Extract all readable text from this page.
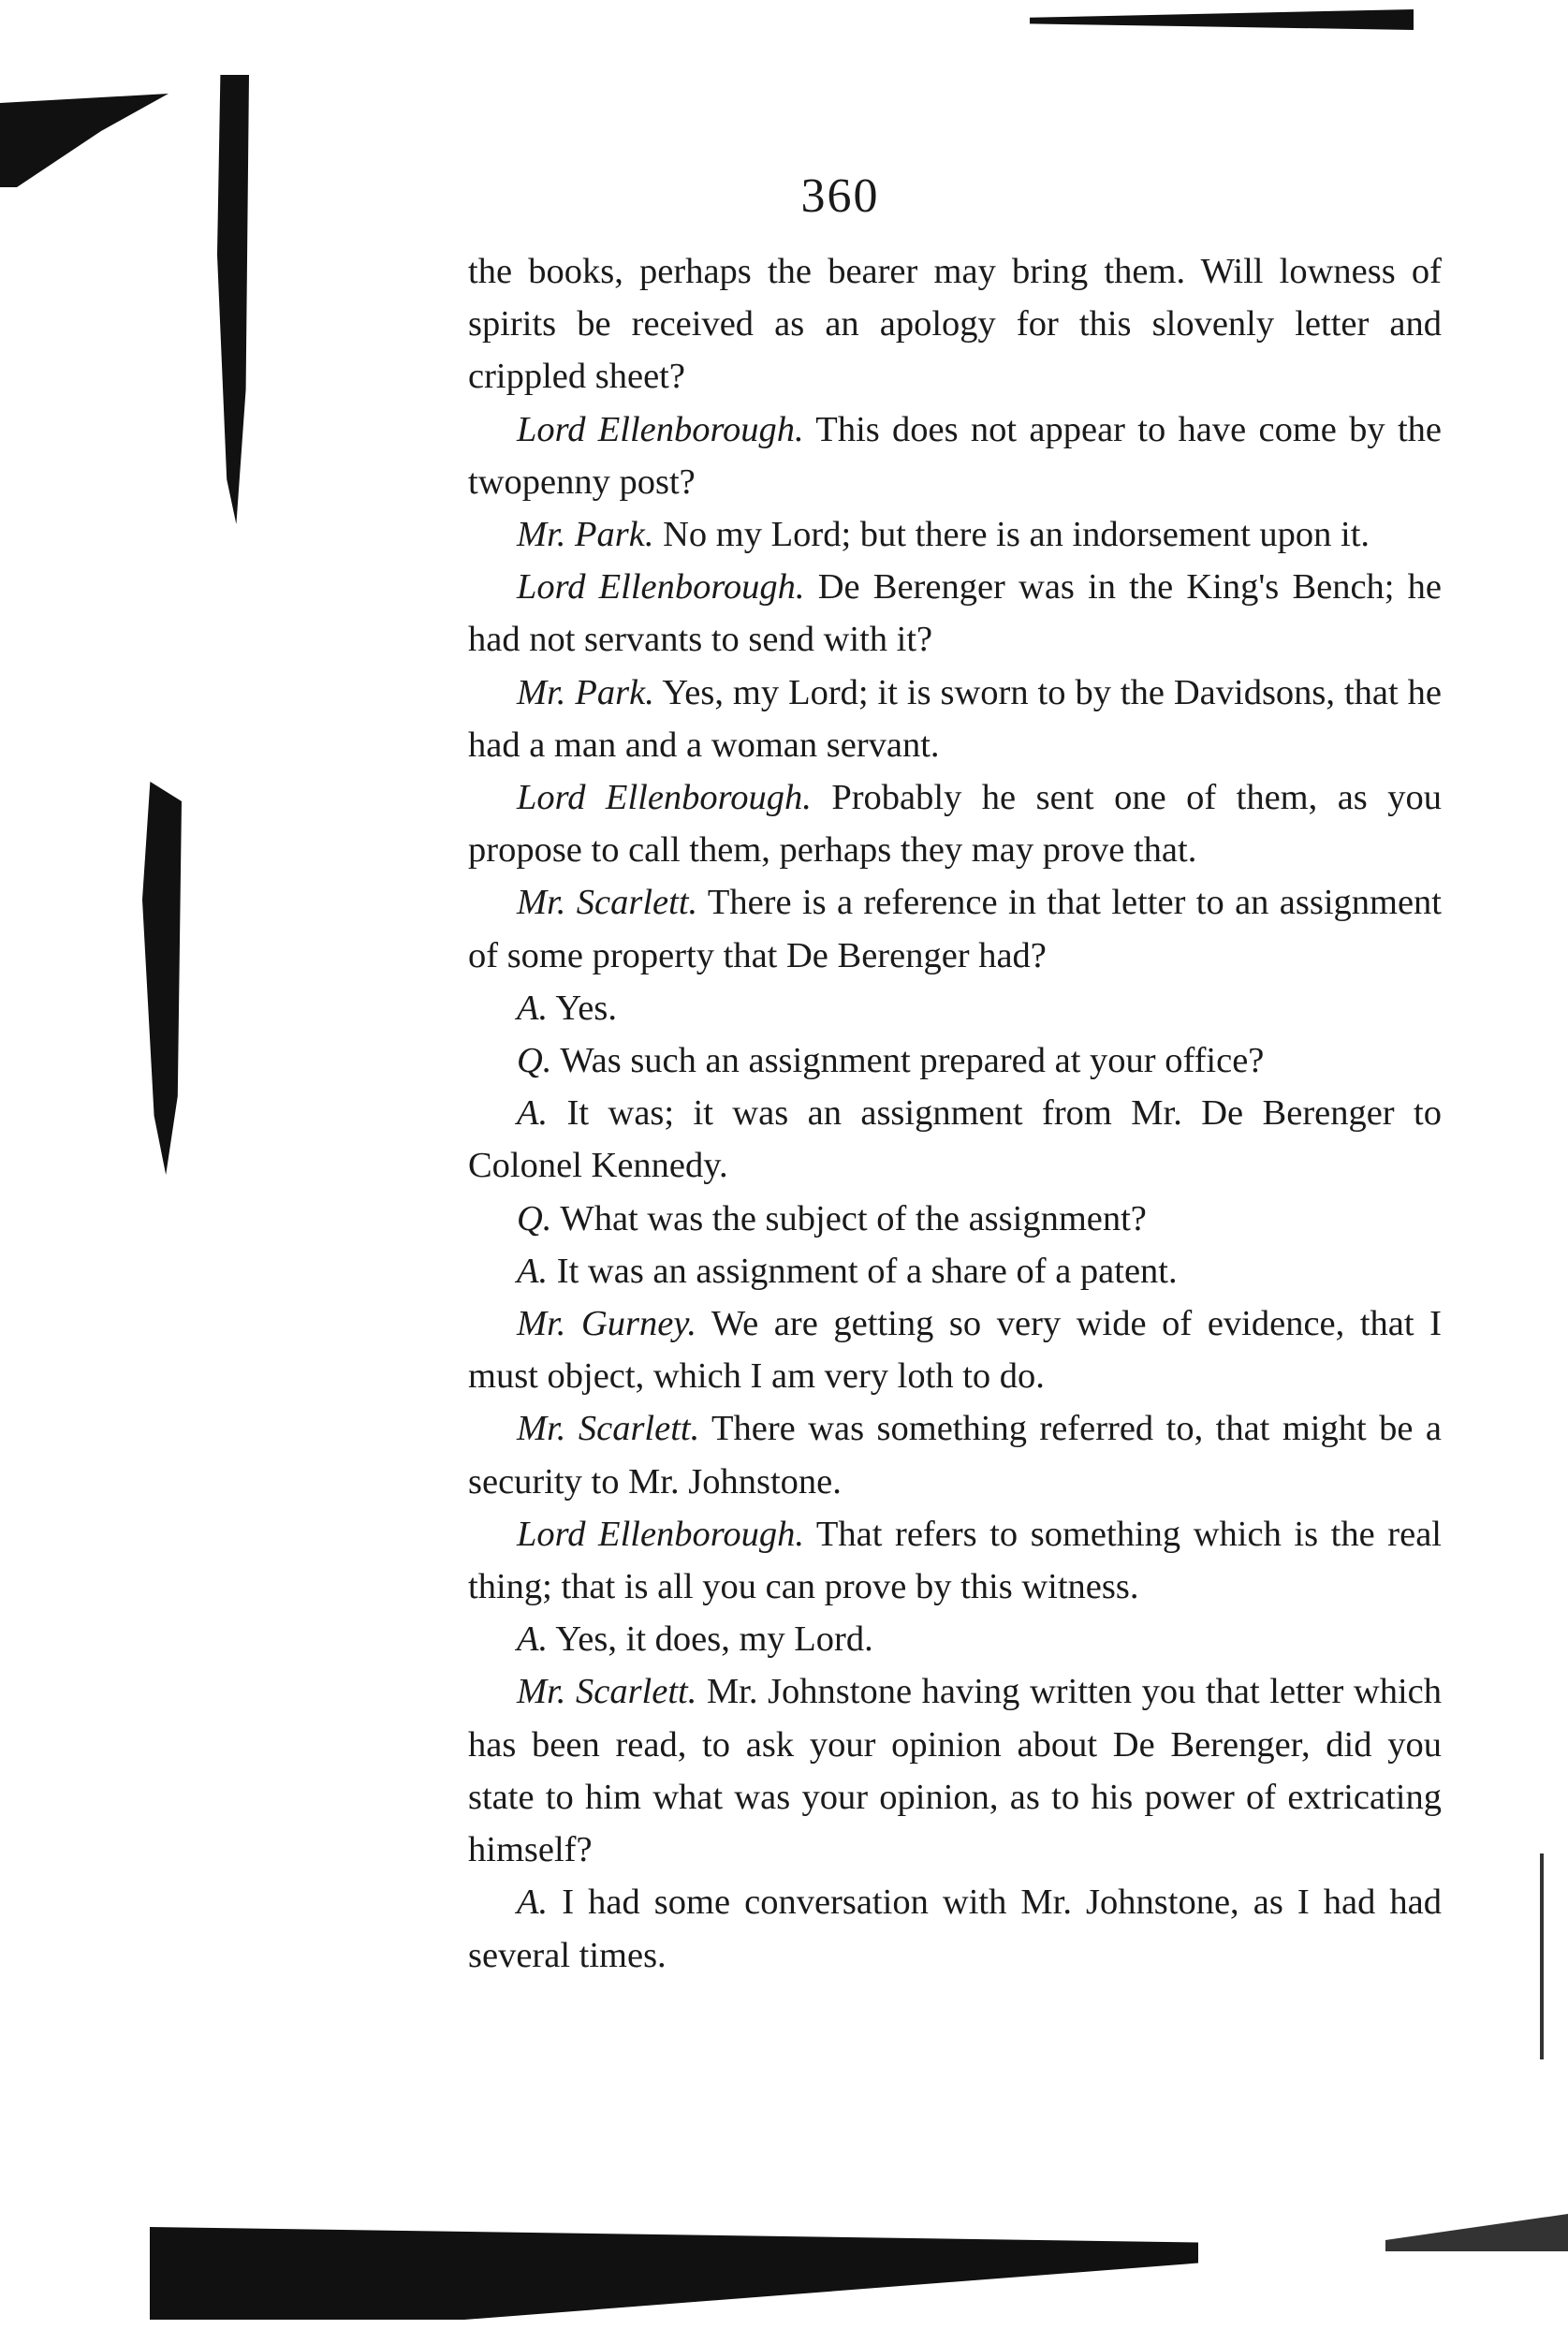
360

the books, perhaps the bearer may bring them. Will lowness of spirits be received as an apology for this slovenly letter and crippled sheet?

Lord Ellenborough. This does not appear to have come by the twopenny post?

Mr. Park. No my Lord; but there is an indorsement upon it.

Lord Ellenborough. De Berenger was in the King's Bench; he had not servants to send with it?

Mr. Park. Yes, my Lord; it is sworn to by the Davidsons, that he had a man and a woman servant.

Lord Ellenborough. Probably he sent one of them, as you propose to call them, perhaps they may prove that.

Mr. Scarlett. There is a reference in that letter to an assignment of some property that De Berenger had?

A. Yes.

Q. Was such an assignment prepared at your office?

A. It was; it was an assignment from Mr. De Berenger to Colonel Kennedy.

Q. What was the subject of the assignment?

A. It was an assignment of a share of a patent.

Mr. Gurney. We are getting so very wide of evidence, that I must object, which I am very loth to do.

Mr. Scarlett. There was something referred to, that might be a security to Mr. Johnstone.

Lord Ellenborough. That refers to something which is the real thing; that is all you can prove by this witness.

A. Yes, it does, my Lord.

Mr. Scarlett. Mr. Johnstone having written you that letter which has been read, to ask your opinion about De Berenger, did you state to him what was your opinion, as to his power of extricating himself?

A. I had some conversation with Mr. Johnstone, as I had had several times.
